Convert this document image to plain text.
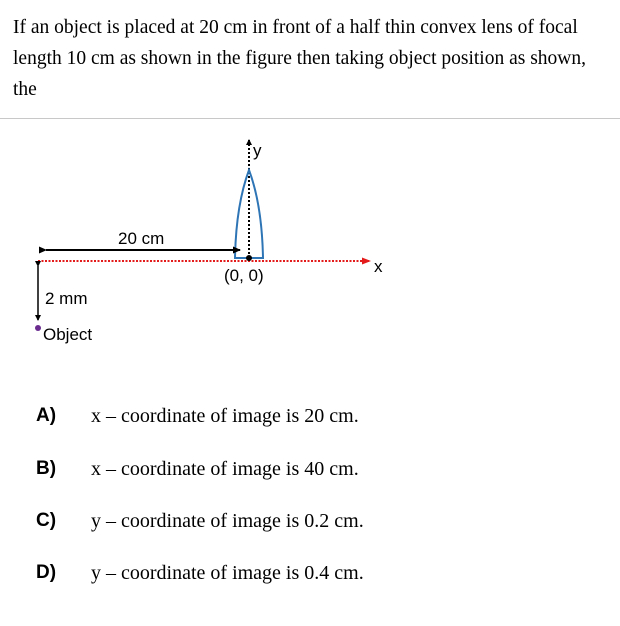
If an object is placed at 20 cm in front of a half thin convex lens of focal length 10 cm as shown in the figure then taking object position as shown, the
y
x
20 cm
(0, 0)
2 mm
Object
A) x – coordinate of image is 20 cm.
B) x – coordinate of image is 40 cm.
C) y – coordinate of image is 0.2 cm.
D) y – coordinate of image is 0.4 cm.
